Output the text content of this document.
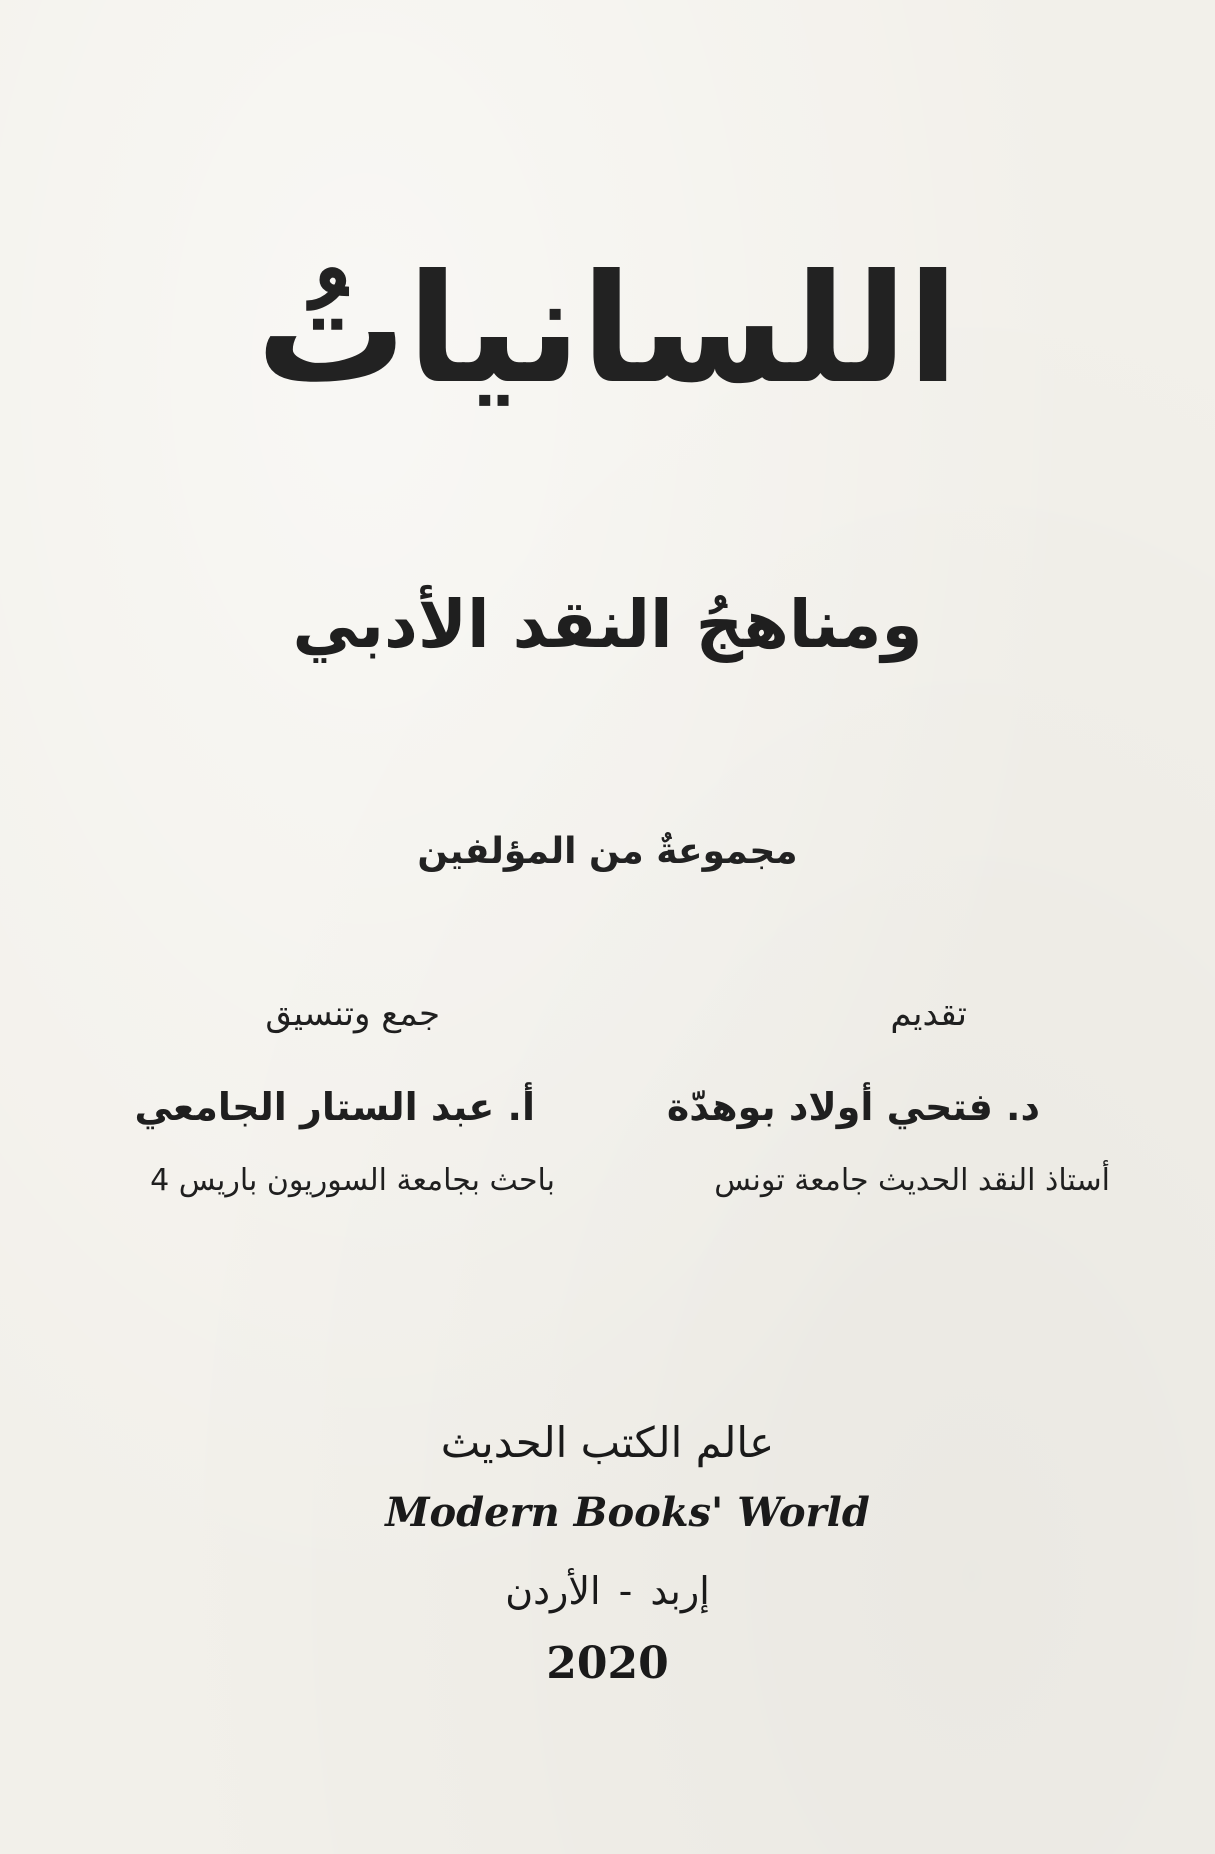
اللسانياتُ
ومناهجُ النقد الأدبي
مجموعةٌ من المؤلفين
تقديم
د. فتحي أولاد بوهدّة
أستاذ النقد الحديث جامعة تونس
جمع وتنسيق
أ. عبد الستار الجامعي
باحث بجامعة السوريون باريس 4
عالم الكتب الحديث
Modern Books' World
إربد-الأردن
2020
